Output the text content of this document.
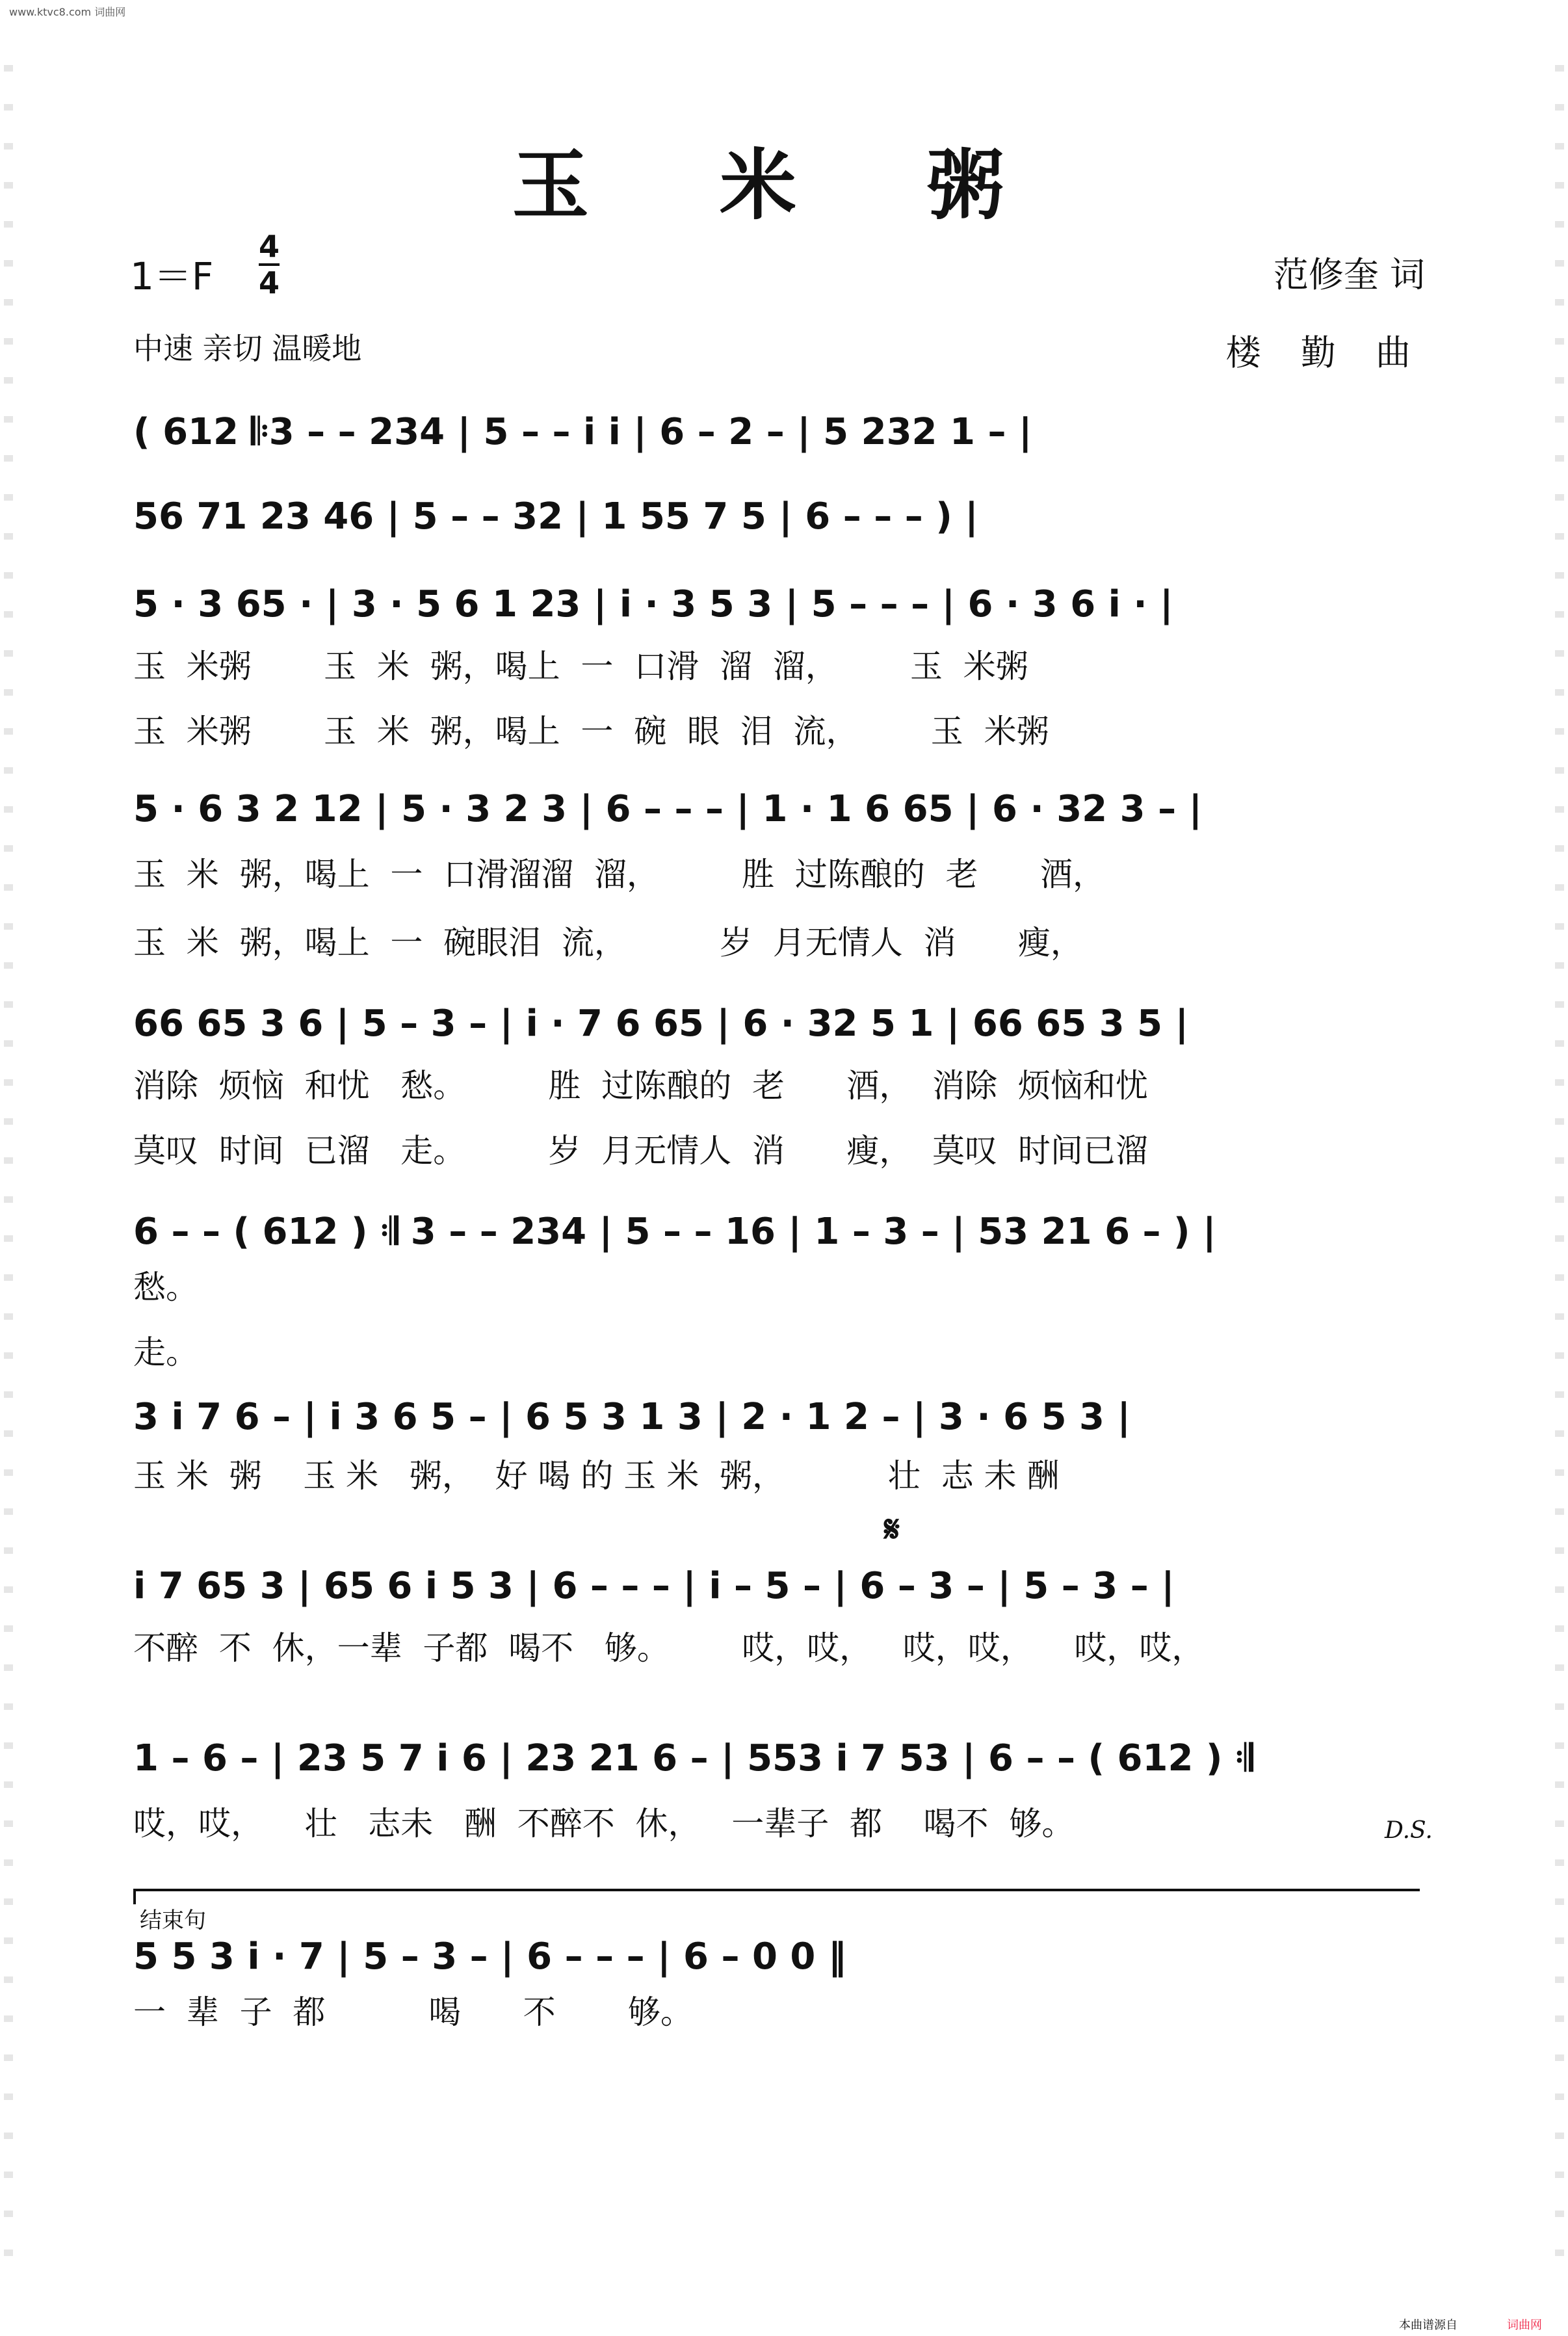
www.ktvc8.com 词曲网
玉 米 粥
1＝F
4
4	范修奎 词
中速 亲切 温暖地	楼 勤 曲
( 612 𝄆3 – – 234 | 5 – – i i | 6 – 2 – | 5 232 1 – |
56 71 23 46 | 5 – – 32 | 1 55 7 5 | 6 – – – ) |
5 · 3 65 · | 3 · 5 6 1 23 | i · 3 5 3 | 5 – – – | 6 · 3 6 i · |
玉  米粥       玉  米  粥，喝上  一  口滑  溜  溜，       玉  米粥
玉  米粥       玉  米  粥，喝上  一  碗  眼  泪  流，       玉  米粥
5 · 6 3 2 12 | 5 · 3 2 3 | 6 – – – | 1 · 1 6 65 | 6 · 32 3 – |
玉  米  粥，喝上  一  口滑溜溜  溜，        胜  过陈酿的  老      酒，
玉  米  粥，喝上  一  碗眼泪  流，         岁  月无情人  消      瘦，
66 65 3 6 | 5 – 3 – | i · 7 6 65 | 6 · 32 5 1 | 66 65 3 5 |
消除  烦恼  和忧   愁。        胜  过陈酿的  老      酒，  消除  烦恼和忧
莫叹  时间  已溜   走。        岁  月无情人  消      瘦，  莫叹  时间已溜
6 – – ( 612 ) 𝄇 3 – – 234 | 5 – – 16 | 1 – 3 – | 53 21 6 – ) |
愁。
走。
3 i 7 6 – | i 3 6 5 – | 6 5 3 1 3 | 2 · 1 2 – | 3 · 6 5 3 |
玉 米  粥    玉 米   粥，  好 喝 的 玉 米  粥，          壮  志 未 酬
𝄋
i 7 65 3 | 65 6 i 5 3 | 6 – – – | i – 5 – | 6 – 3 – | 5 – 3 – |
不醉  不  休，一辈  子都  喝不   够。       哎，哎，   哎，哎，    哎，哎，
1 – 6 – | 23 5 7 i 6 | 23 21 6 – | 553 i 7 53 | 6 – – ( 612 ) 𝄇
哎，哎，    壮   志未   酬  不醉不  休，   一辈子  都    喝不  够。	D.S.
结束句
5 5 3 i · 7 | 5 – 3 – | 6 – – – | 6 – 0 0 ‖
一  辈  子  都          喝      不       够。
本曲谱源自	词曲网
